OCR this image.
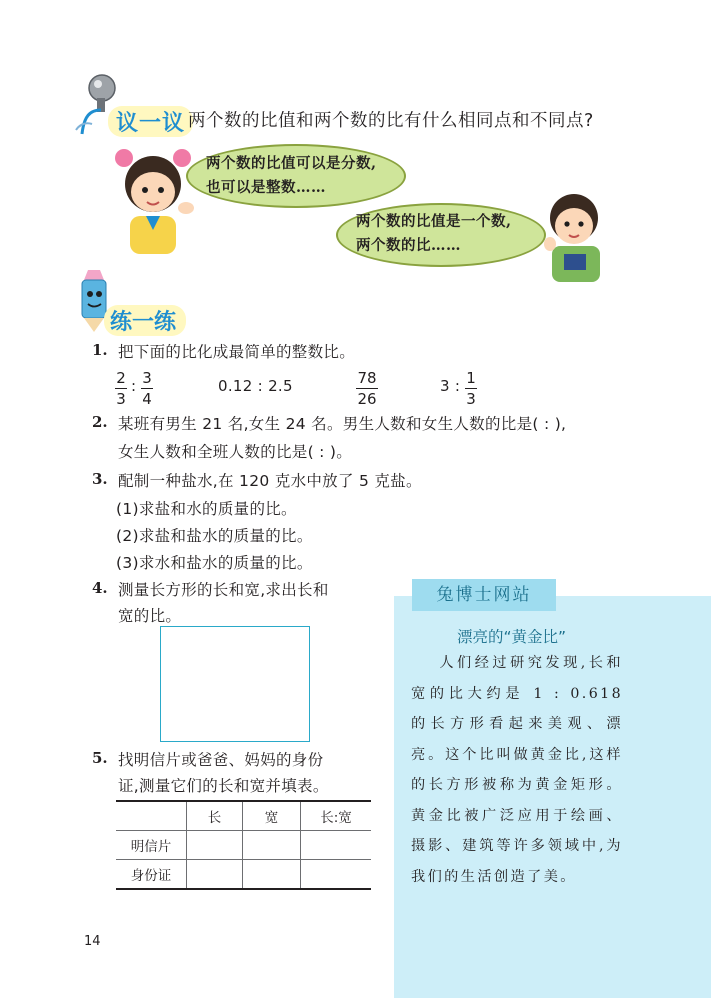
议一议 两个数的比值和两个数的比有什么相同点和不同点?
两个数的比值可以是分数,
也可以是整数……
两个数的比值是一个数,
两个数的比……
练一练
1. 把下面的比化成最简单的整数比。
2
3
: 3
4
0.12 : 2.5	78
26
3 : 1
3
2. 某班有男生 21 名,女生 24 名。男生人数和女生人数的比是( : ),
女生人数和全班人数的比是( : )。
3. 配制一种盐水,在 120 克水中放了 5 克盐。
(1)求盐和水的质量的比。
(2)求盐和盐水的质量的比。
(3)求水和盐水的质量的比。
4. 测量长方形的长和宽,求出长和
宽的比。
5. 找明信片或爸爸、妈妈的身份
证,测量它们的长和宽并填表。
	长	宽	长:宽
明信片			
身份证			
兔博士网站
漂亮的“黄金比”
人们经过研究发现,长和宽的比大约是 1 : 0.618 的长方形看起来美观、漂亮。这个比叫做黄金比,这样的长方形被称为黄金矩形。黄金比被广泛应用于绘画、摄影、建筑等许多领域中,为我们的生活创造了美。
14
